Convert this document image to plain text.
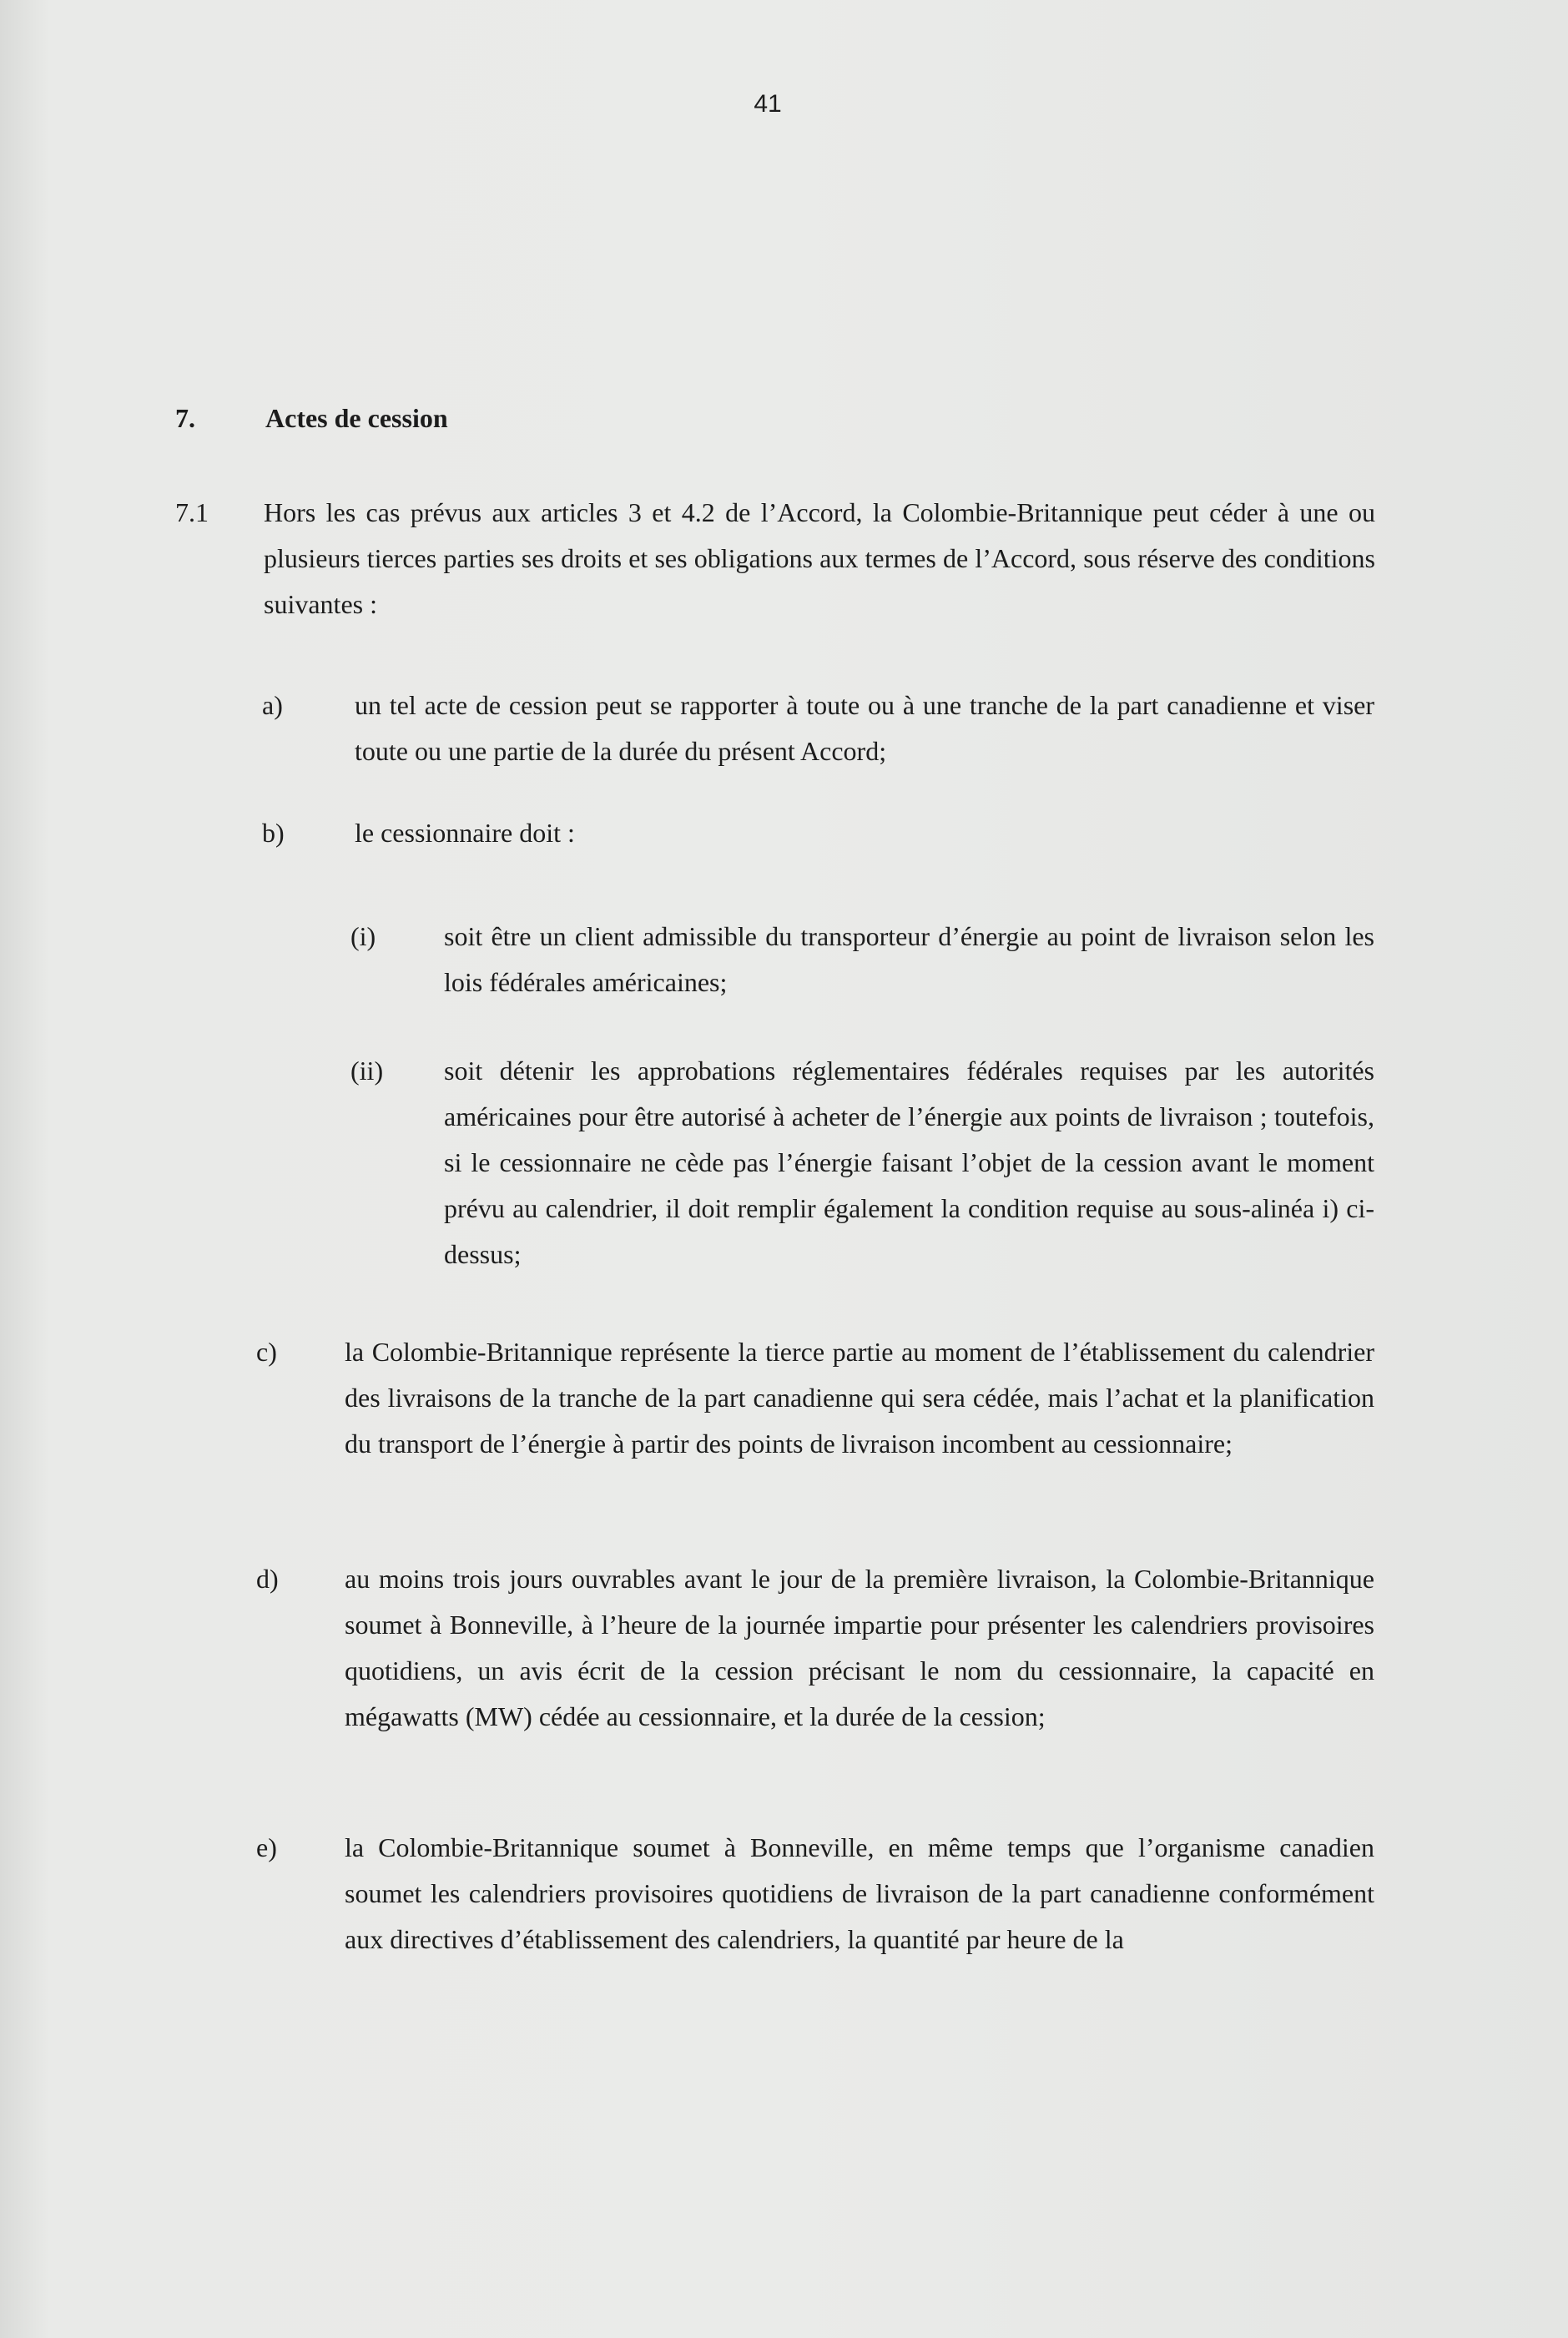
41
7.	Actes de cession
7.1 Hors les cas prévus aux articles 3 et 4.2 de l’Accord, la Colombie-Britannique peut céder à une ou plusieurs tierces parties ses droits et ses obligations aux termes de l’Accord, sous réserve des conditions suivantes :
a)	un tel acte de cession peut se rapporter à toute ou à une tranche de la part canadienne et viser toute ou une partie de la durée du présent Accord;
b)	le cessionnaire doit :
(i)	soit être un client admissible du transporteur d’énergie au point de livraison selon les lois fédérales américaines;
(ii) soit détenir les approbations réglementaires fédérales requises par les autorités américaines pour être autorisé à acheter de l’énergie aux points de livraison ; toutefois, si le cessionnaire ne cède pas l’énergie faisant l’objet de la cession avant le moment prévu au calendrier, il doit remplir également la condition requise au sous-alinéa i) ci-dessus;
c)	la Colombie-Britannique représente la tierce partie au moment de l’établissement du calendrier des livraisons de la tranche de la part canadienne qui sera cédée, mais l’achat et la planification du transport de l’énergie à partir des points de livraison incombent au cessionnaire;
d) au moins trois jours ouvrables avant le jour de la première livraison, la Colombie-Britannique soumet à Bonneville, à l’heure de la journée impartie pour présenter les calendriers provisoires quotidiens, un avis écrit de la cession précisant le nom du cessionnaire, la capacité en mégawatts (MW) cédée au cessionnaire, et la durée de la cession;
e)	la Colombie-Britannique soumet à Bonneville, en même temps que l’organisme canadien soumet les calendriers provisoires quotidiens de livraison de la part canadienne conformément aux directives d’établissement des calendriers, la quantité par heure de la
